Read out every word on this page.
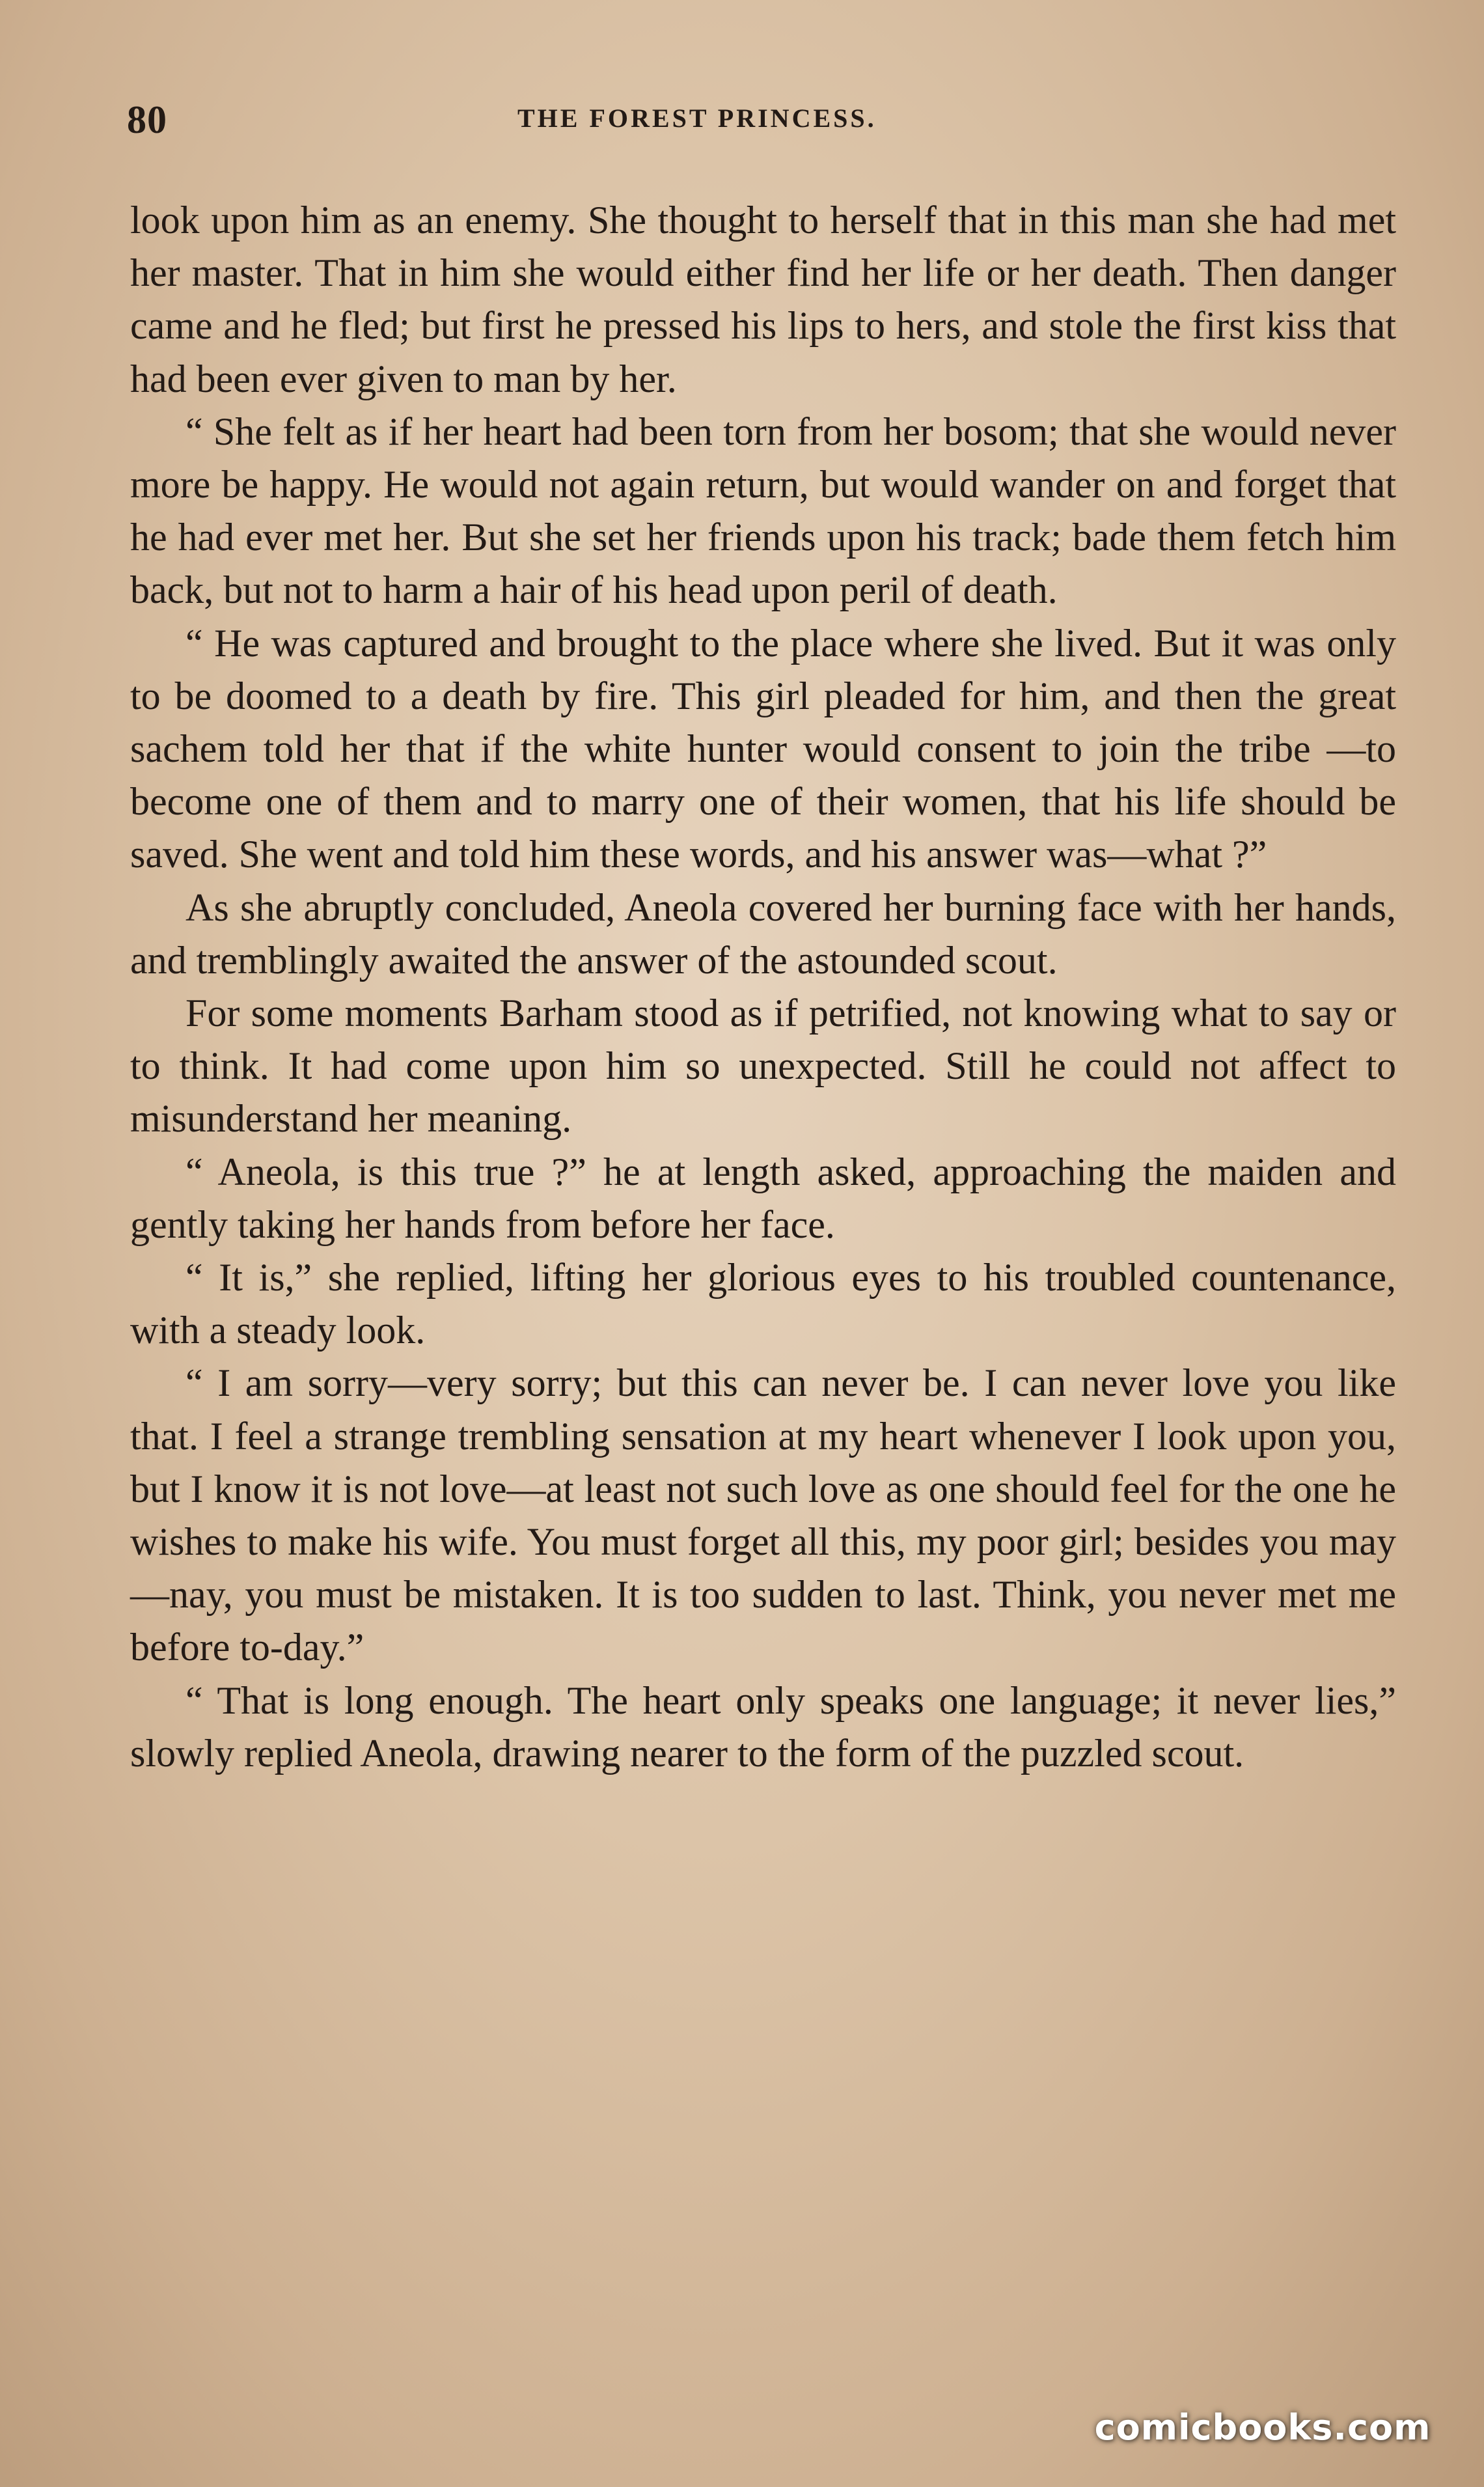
80	THE FOREST PRINCESS.

look upon him as an enemy. She thought to herself that in this man she had met her master. That in him she would either find her life or her death. Then danger came and he fled; but first he pressed his lips to hers, and stole the first kiss that had been ever given to man by her.

“ She felt as if her heart had been torn from her bosom; that she would never more be happy. He would not again return, but would wander on and forget that he had ever met her. But she set her friends upon his track; bade them fetch him back, but not to harm a hair of his head upon peril of death.

“ He was captured and brought to the place where she lived. But it was only to be doomed to a death by fire. This girl pleaded for him, and then the great sachem told her that if the white hunter would consent to join the tribe —to become one of them and to marry one of their women, that his life should be saved. She went and told him these words, and his answer was—what ?”

As she abruptly concluded, Aneola covered her burning face with her hands, and tremblingly awaited the answer of the astounded scout.

For some moments Barham stood as if petrified, not knowing what to say or to think. It had come upon him so unexpected. Still he could not affect to misunderstand her meaning.

“ Aneola, is this true ?” he at length asked, approaching the maiden and gently taking her hands from before her face.

“ It is,” she replied, lifting her glorious eyes to his troubled countenance, with a steady look.

“ I am sorry—very sorry; but this can never be. I can never love you like that. I feel a strange trembling sensation at my heart whenever I look upon you, but I know it is not love—at least not such love as one should feel for the one he wishes to make his wife. You must forget all this, my poor girl; besides you may—nay, you must be mistaken. It is too sudden to last. Think, you never met me before to-day.”

“ That is long enough. The heart only speaks one language; it never lies,” slowly replied Aneola, drawing nearer to the form of the puzzled scout.

comicbooks.com
